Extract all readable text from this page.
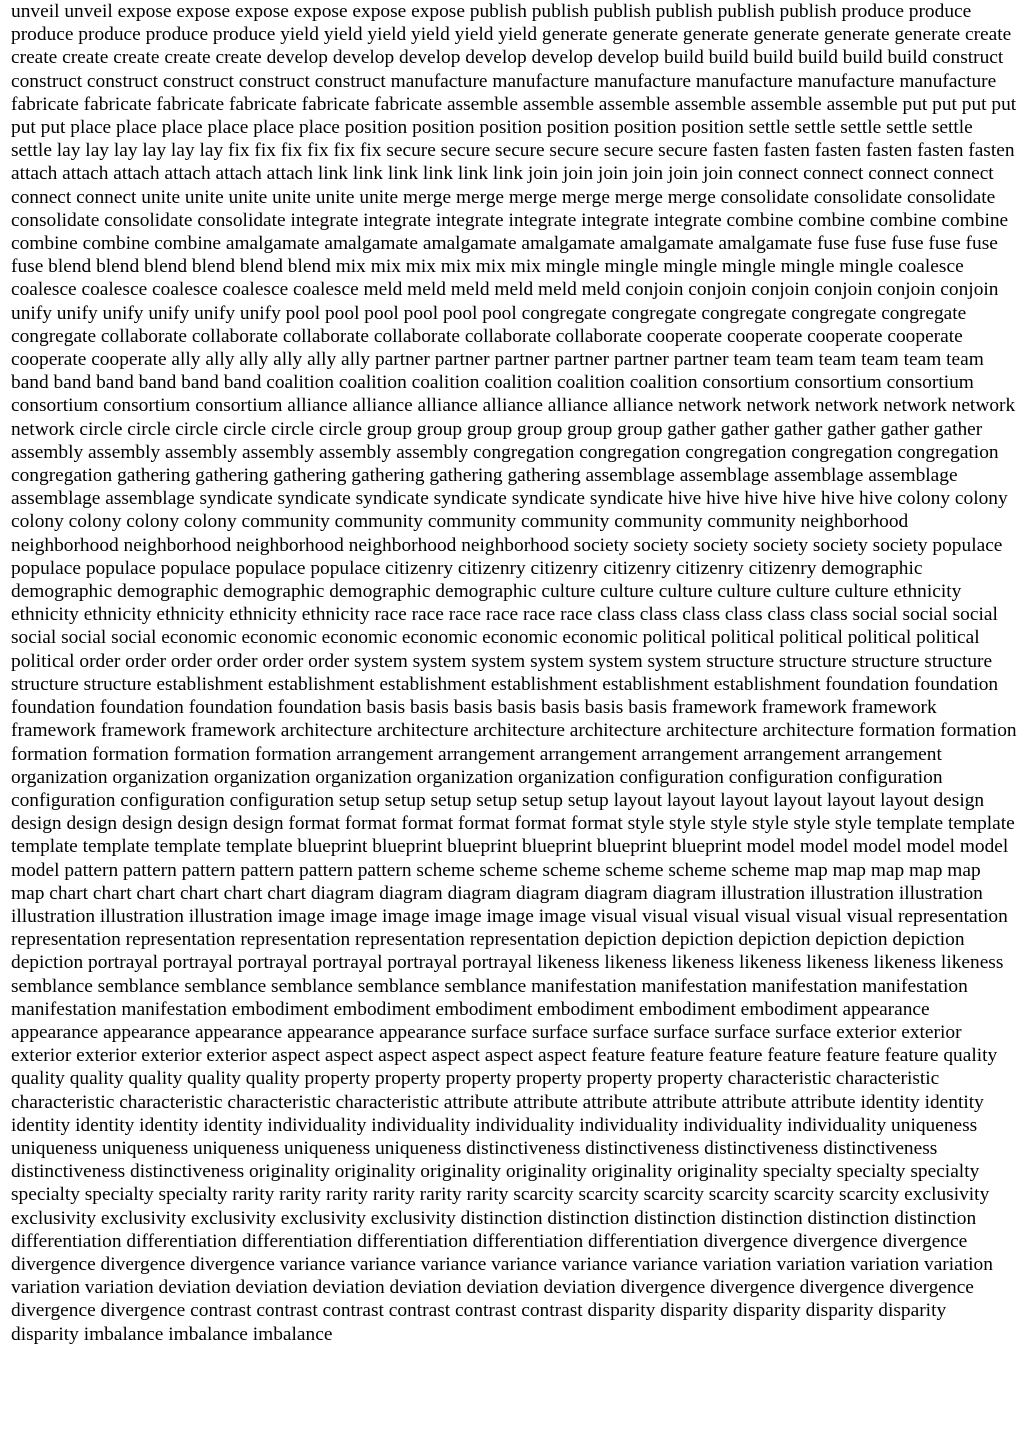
unveil unveil expose expose expose expose expose expose publish publish publish publish publish publish produce produce produce produce produce produce yield yield yield yield yield yield generate generate generate generate generate generate create create create create create create develop develop develop develop develop develop build build build build build build construct construct construct construct construct construct manufacture manufacture manufacture manufacture manufacture manufacture fabricate fabricate fabricate fabricate fabricate fabricate assemble assemble assemble assemble assemble assemble put put put put put put place place place place place place position position position position position position settle settle settle settle settle settle lay lay lay lay lay lay fix fix fix fix fix fix secure secure secure secure secure secure fasten fasten fasten fasten fasten fasten attach attach attach attach attach attach link link link link link link join join join join join join connect connect connect connect connect connect unite unite unite unite unite unite merge merge merge merge merge merge consolidate consolidate consolidate consolidate consolidate consolidate integrate integrate integrate integrate integrate integrate combine combine combine combine combine combine combine amalgamate amalgamate amalgamate amalgamate amalgamate amalgamate fuse fuse fuse fuse fuse fuse blend blend blend blend blend blend mix mix mix mix mix mix mingle mingle mingle mingle mingle mingle coalesce coalesce coalesce coalesce coalesce coalesce meld meld meld meld meld meld conjoin conjoin conjoin conjoin conjoin conjoin unify unify unify unify unify unify pool pool pool pool pool pool congregate congregate congregate congregate congregate congregate collaborate collaborate collaborate collaborate collaborate collaborate cooperate cooperate cooperate cooperate cooperate cooperate ally ally ally ally ally ally partner partner partner partner partner partner team team team team team team band band band band band band coalition coalition coalition coalition coalition coalition consortium consortium consortium consortium consortium consortium alliance alliance alliance alliance alliance alliance network network network network network network circle circle circle circle circle circle group group group group group group gather gather gather gather gather gather assembly assembly assembly assembly assembly assembly congregation congregation congregation congregation congregation congregation gathering gathering gathering gathering gathering gathering assemblage assemblage assemblage assemblage assemblage assemblage syndicate syndicate syndicate syndicate syndicate syndicate hive hive hive hive hive hive colony colony colony colony colony colony community community community community community community neighborhood neighborhood neighborhood neighborhood neighborhood neighborhood society society society society society society populace populace populace populace populace populace citizenry citizenry citizenry citizenry citizenry citizenry demographic demographic demographic demographic demographic demographic culture culture culture culture culture culture ethnicity ethnicity ethnicity ethnicity ethnicity ethnicity race race race race race race class class class class class class social social social social social social economic economic economic economic economic economic political political political political political political order order order order order order system system system system system system structure structure structure structure structure structure establishment establishment establishment establishment establishment establishment foundation foundation foundation foundation foundation foundation basis basis basis basis basis basis basis framework framework framework framework framework framework architecture architecture architecture architecture architecture architecture formation formation formation formation formation formation arrangement arrangement arrangement arrangement arrangement arrangement organization organization organization organization organization organization configuration configuration configuration configuration configuration configuration setup setup setup setup setup setup layout layout layout layout layout layout design design design design design design format format format format format format style style style style style style template template template template template template blueprint blueprint blueprint blueprint blueprint blueprint model model model model model model pattern pattern pattern pattern pattern pattern scheme scheme scheme scheme scheme scheme map map map map map map chart chart chart chart chart chart diagram diagram diagram diagram diagram diagram illustration illustration illustration illustration illustration illustration image image image image image image visual visual visual visual visual visual representation representation representation representation representation representation depiction depiction depiction depiction depiction depiction portrayal portrayal portrayal portrayal portrayal portrayal likeness likeness likeness likeness likeness likeness likeness semblance semblance semblance semblance semblance semblance manifestation manifestation manifestation manifestation manifestation manifestation embodiment embodiment embodiment embodiment embodiment embodiment appearance appearance appearance appearance appearance appearance surface surface surface surface surface surface exterior exterior exterior exterior exterior exterior aspect aspect aspect aspect aspect aspect feature feature feature feature feature feature quality quality quality quality quality quality property property property property property property characteristic characteristic characteristic characteristic characteristic characteristic attribute attribute attribute attribute attribute attribute identity identity identity identity identity identity individuality individuality individuality individuality individuality individuality uniqueness uniqueness uniqueness uniqueness uniqueness uniqueness distinctiveness distinctiveness distinctiveness distinctiveness distinctiveness distinctiveness originality originality originality originality originality originality specialty specialty specialty specialty specialty specialty rarity rarity rarity rarity rarity rarity scarcity scarcity scarcity scarcity scarcity scarcity exclusivity exclusivity exclusivity exclusivity exclusivity exclusivity distinction distinction distinction distinction distinction distinction differentiation differentiation differentiation differentiation differentiation differentiation divergence divergence divergence divergence divergence divergence variance variance variance variance variance variance variation variation variation variation variation variation deviation deviation deviation deviation deviation deviation divergence divergence divergence divergence divergence divergence contrast contrast contrast contrast contrast contrast disparity disparity disparity disparity disparity disparity imbalance imbalance imbalance
